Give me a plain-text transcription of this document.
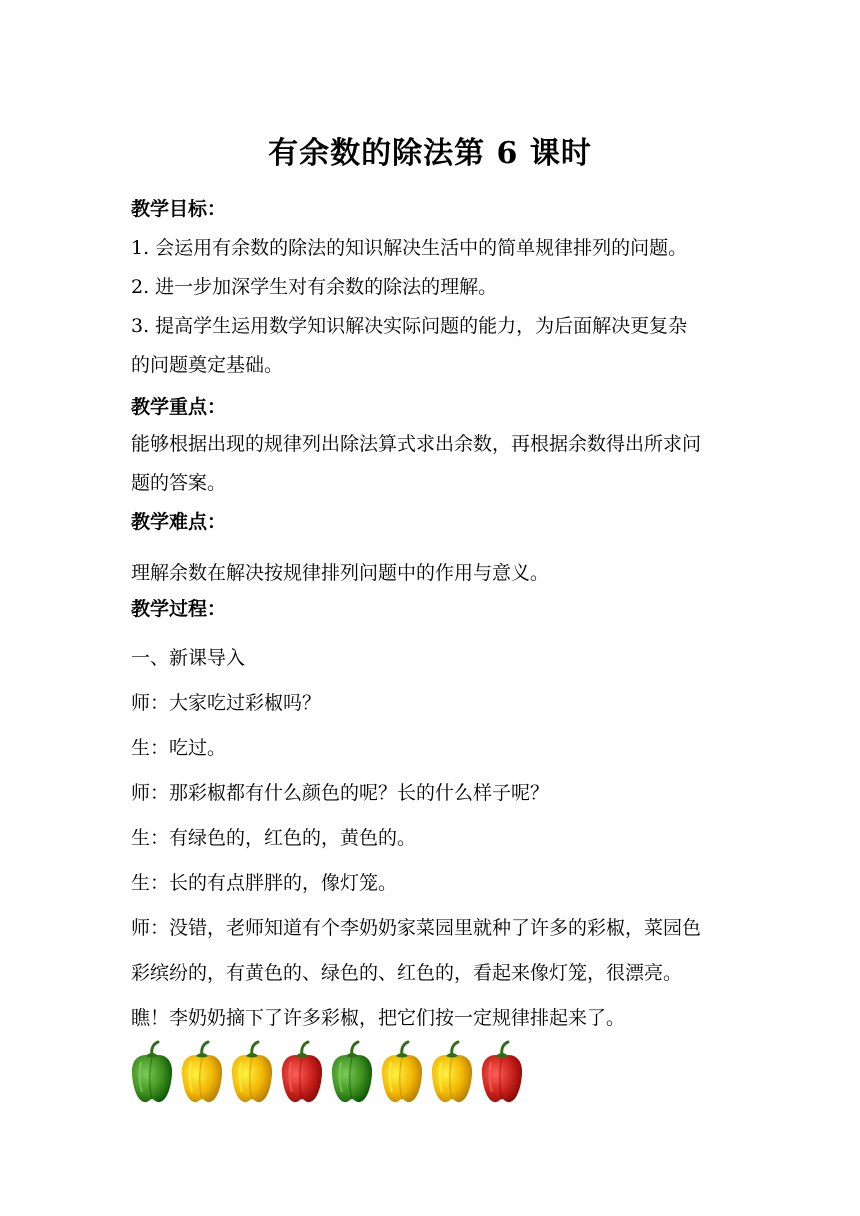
有余数的除法第 6 课时
教学目标：
1. 会运用有余数的除法的知识解决生活中的简单规律排列的问题。
2. 进一步加深学生对有余数的除法的理解。
3. 提高学生运用数学知识解决实际问题的能力，为后面解决更复杂
的问题奠定基础。
教学重点：
能够根据出现的规律列出除法算式求出余数，再根据余数得出所求问
题的答案。
教学难点：
理解余数在解决按规律排列问题中的作用与意义。
教学过程：
一、新课导入
师：大家吃过彩椒吗？
生：吃过。
师：那彩椒都有什么颜色的呢？长的什么样子呢？
生：有绿色的，红色的，黄色的。
生：长的有点胖胖的，像灯笼。
师：没错，老师知道有个李奶奶家菜园里就种了许多的彩椒，菜园色
彩缤纷的，有黄色的、绿色的、红色的，看起来像灯笼，很漂亮。
瞧！李奶奶摘下了许多彩椒，把它们按一定规律排起来了。
